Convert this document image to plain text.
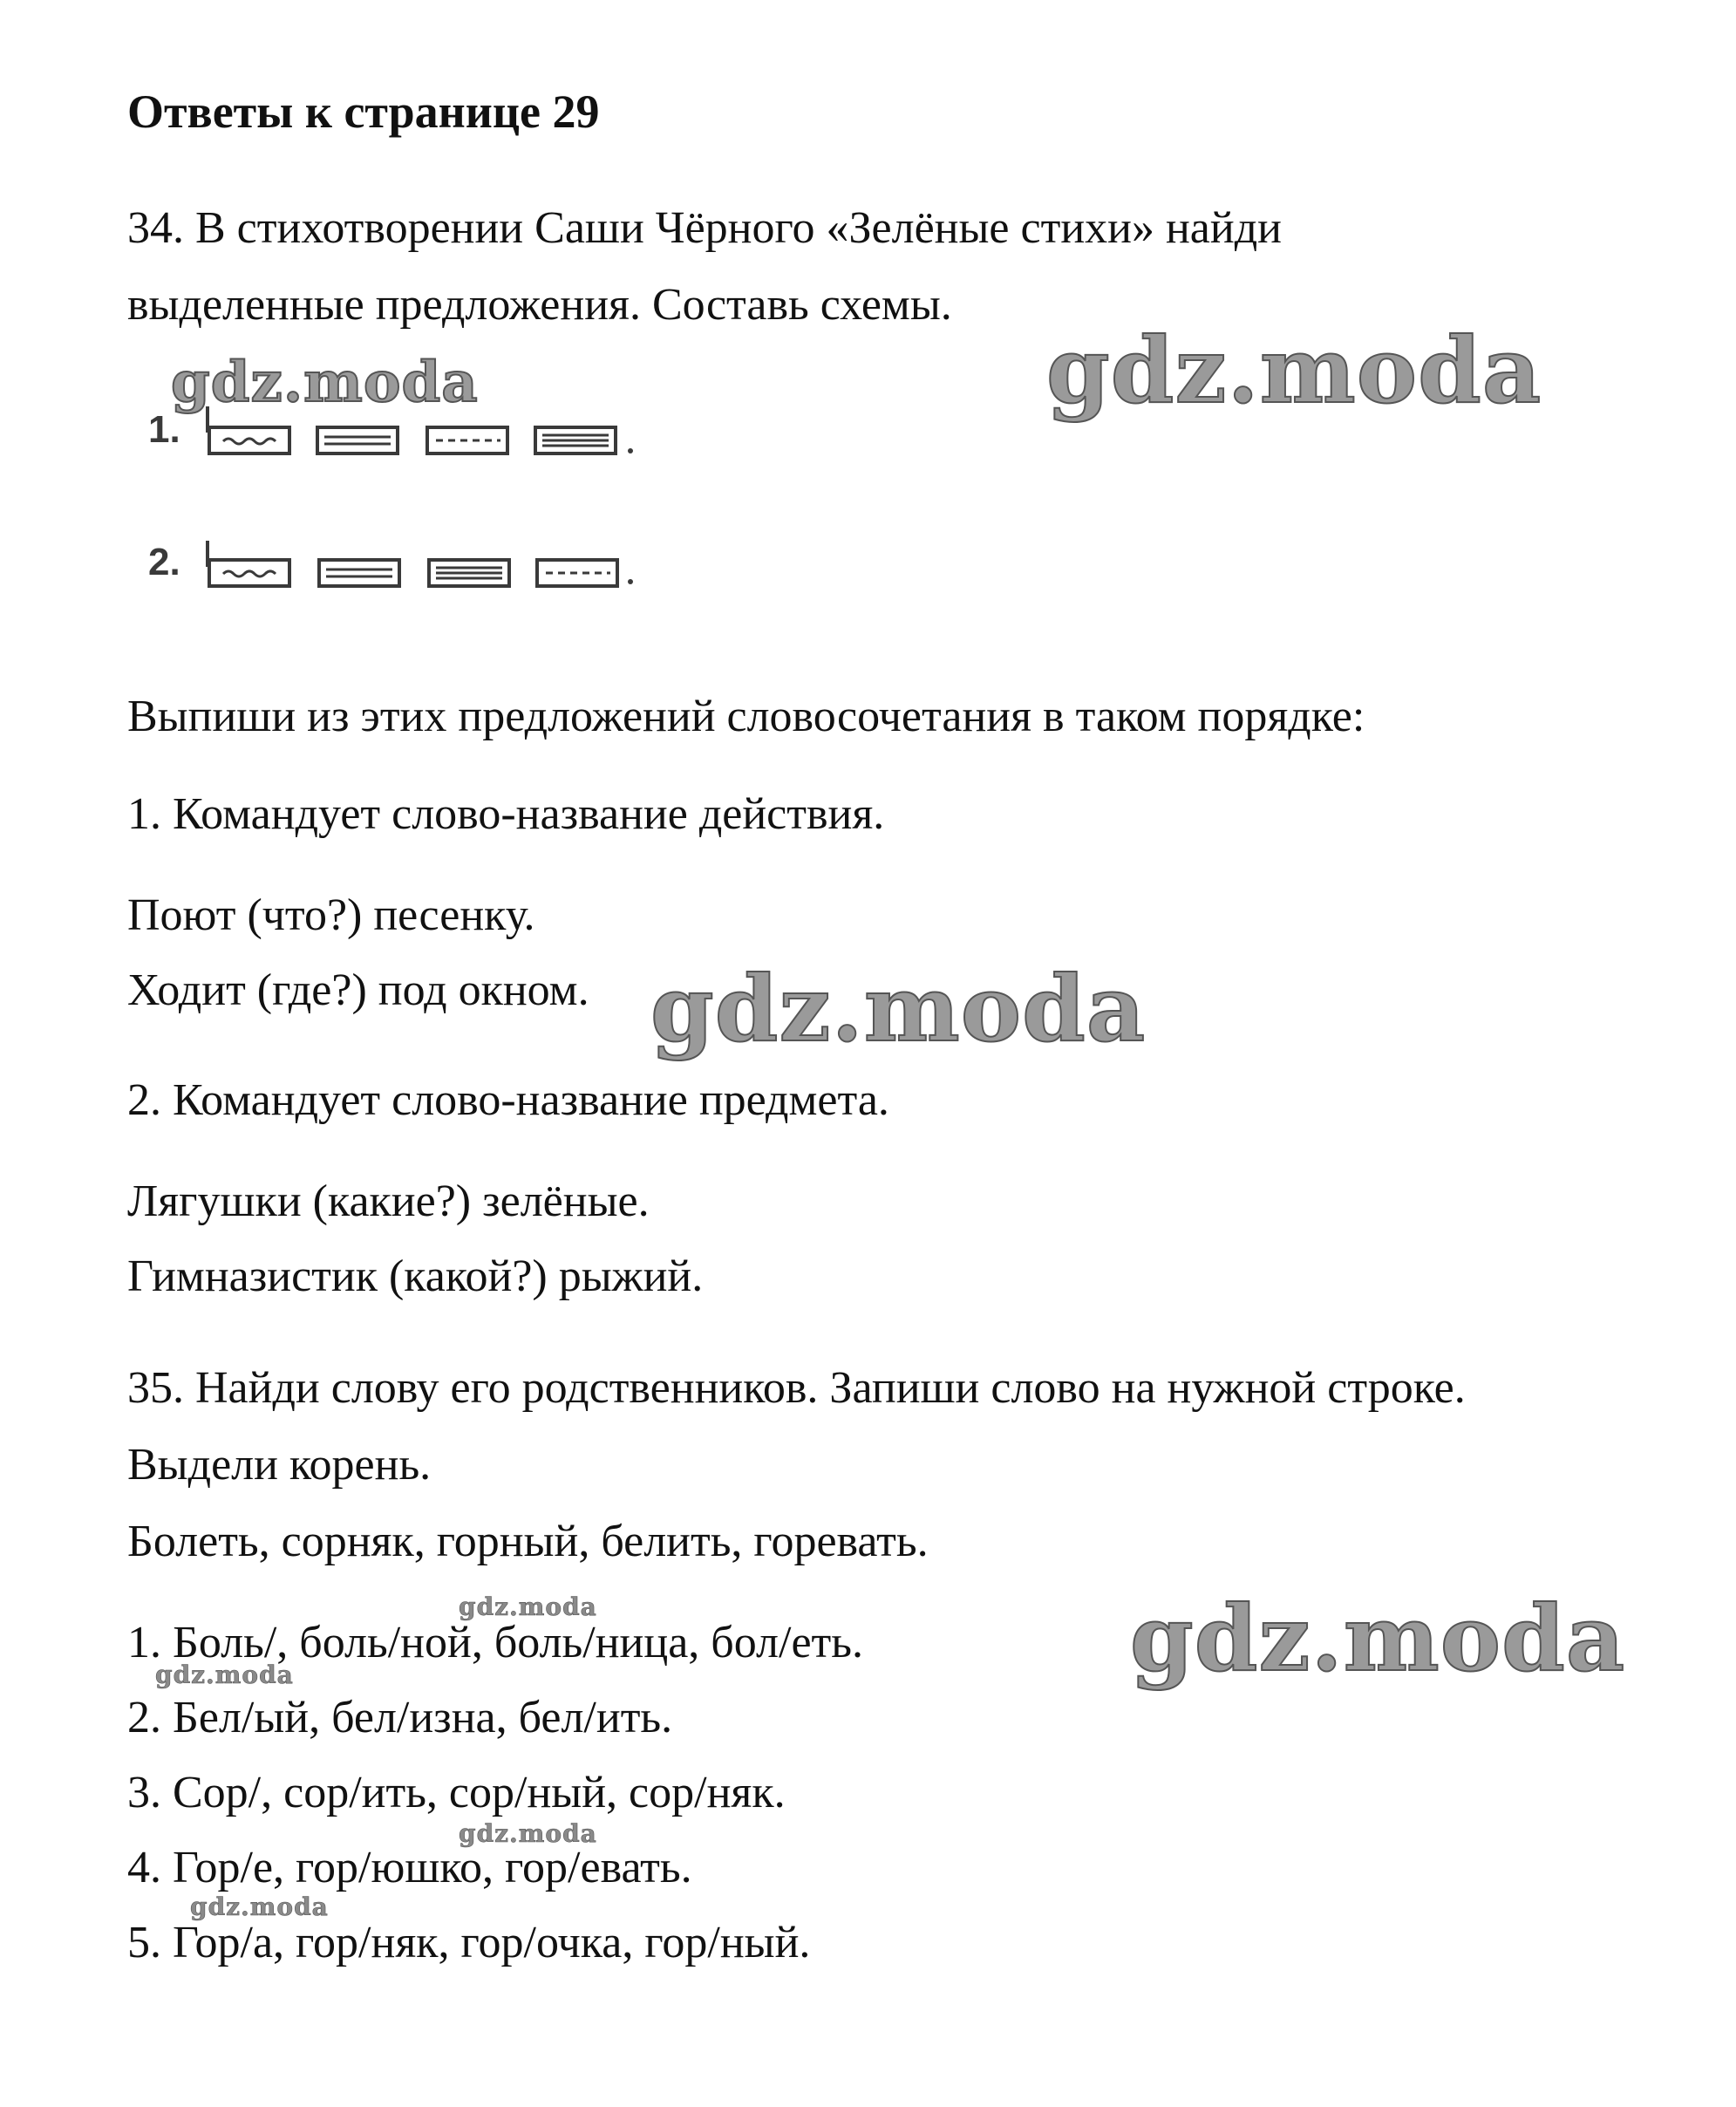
Ответы к странице 29
34. В стихотворении Саши Чёрного «Зелёные стихи» найди
выделенные предложения. Составь схемы.
1.
2.
Выпиши из этих предложений словосочетания в таком порядке:
1. Командует слово-название действия.
Поют (что?) песенку.
Ходит (где?) под окном.
2. Командует слово-название предмета.
Лягушки (какие?) зелёные.
Гимназистик (какой?) рыжий.
35. Найди слову его родственников. Запиши слово на нужной строке.
Выдели корень.
Болеть, сорняк, горный, белить, горевать.
1. Боль/, боль/ной, боль/ница, бол/еть.
2. Бел/ый, бел/изна, бел/ить.
3. Сор/, сор/ить, сор/ный, сор/няк.
4. Гор/е, гор/юшко, гор/евать.
5. Гор/а, гор/няк, гор/очка, гор/ный.
gdz.moda	gdz.moda
gdz.moda
gdz.moda
gdz.moda
gdz.moda
gdz.moda
gdz.moda
